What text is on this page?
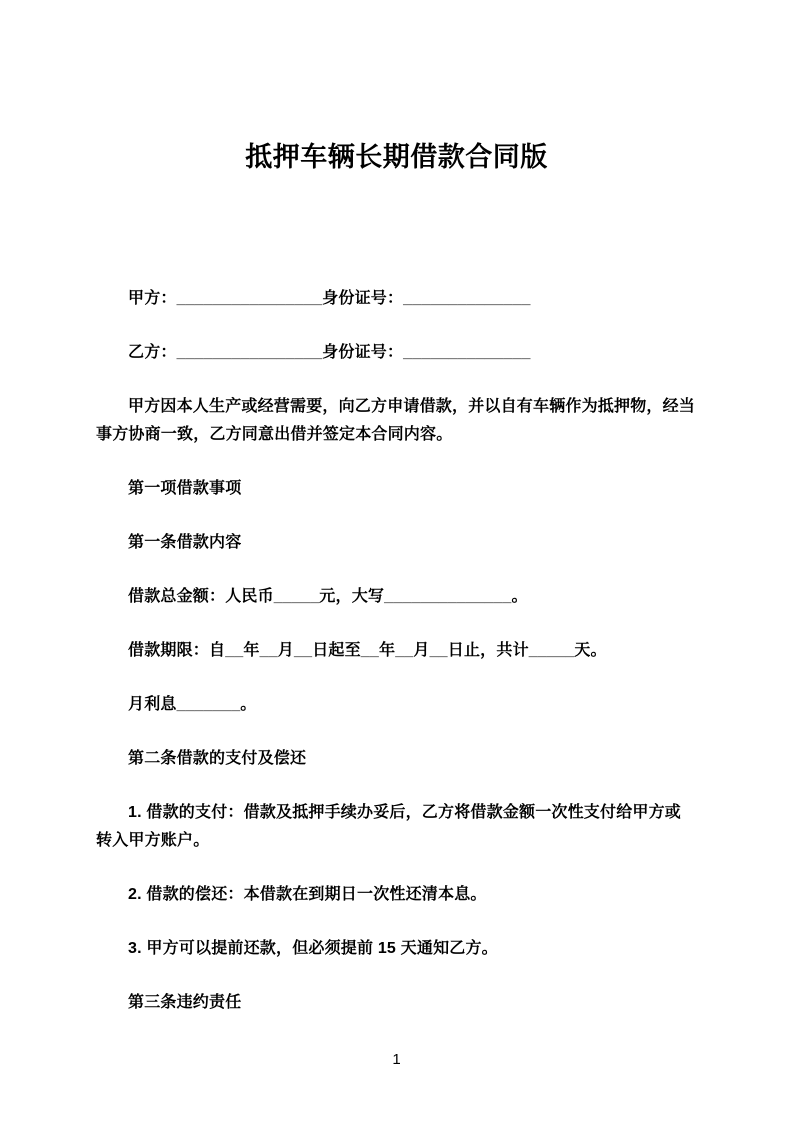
抵押车辆长期借款合同版

甲方：________________身份证号：______________

乙方：________________身份证号：______________

甲方因本人生产或经营需要，向乙方申请借款，并以自有车辆作为抵押物，经当事方协商一致，乙方同意出借并签定本合同内容。

第一项借款事项

第一条借款内容

借款总金额：人民币_____元，大写______________。

借款期限：自__年__月__日起至__年__月__日止，共计_____天。

月利息_______。

第二条借款的支付及偿还

1. 借款的支付：借款及抵押手续办妥后，乙方将借款金额一次性支付给甲方或转入甲方账户。

2. 借款的偿还：本借款在到期日一次性还清本息。

3. 甲方可以提前还款，但必须提前 15 天通知乙方。

第三条违约责任

1
